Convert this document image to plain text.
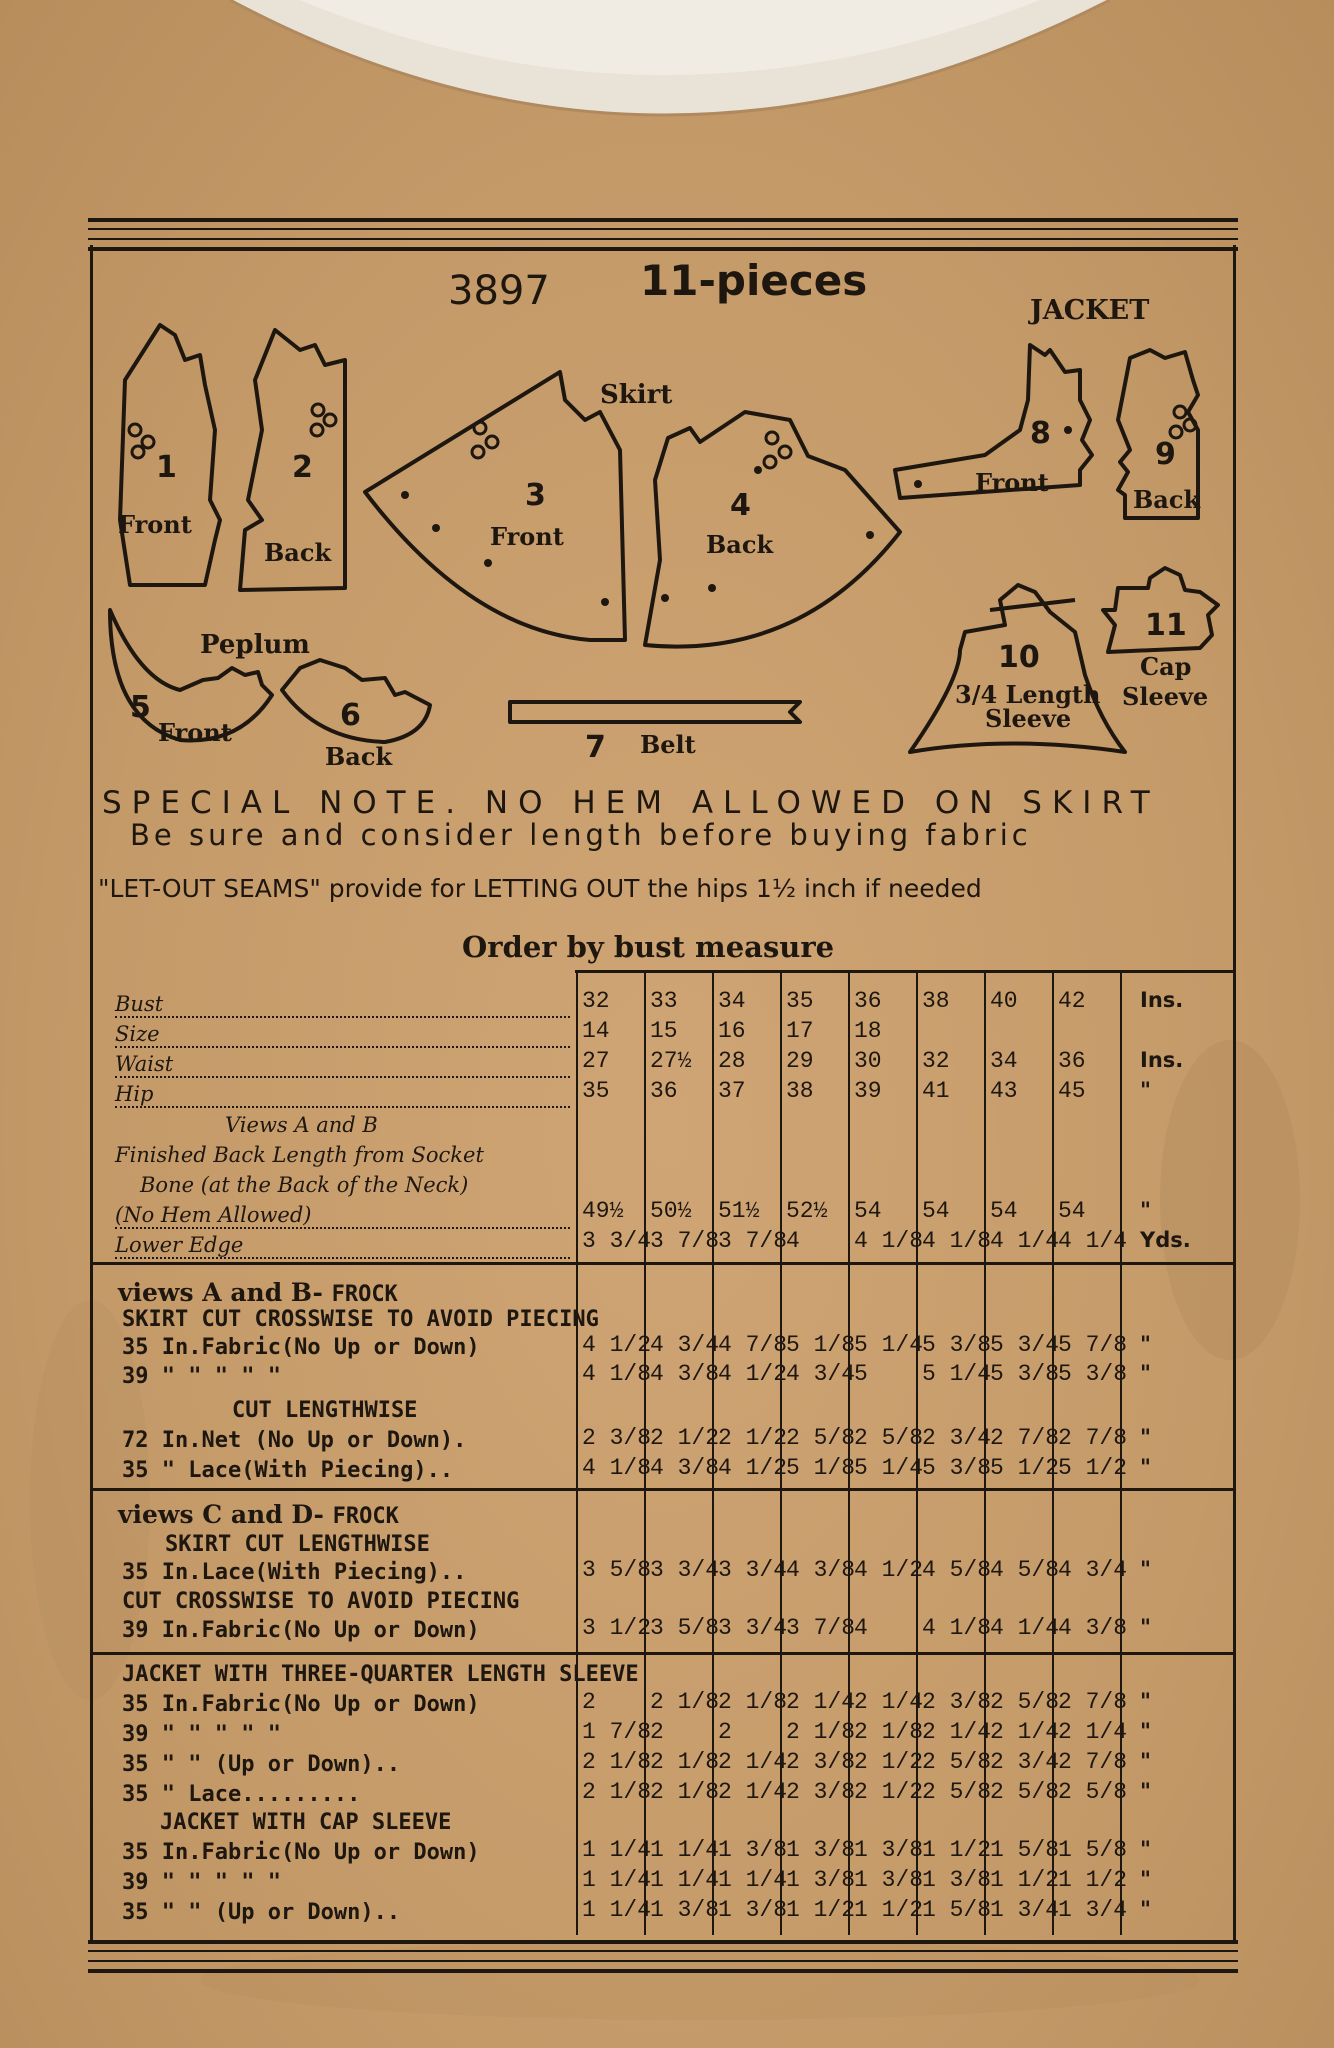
3897 11-pieces
JACKET
Skirt
1
Front
2
Back
3
Front
4
Back
Peplum
5
Front	6
Back	7 Belt
8
Front
9
Back
10
3/4 Length
Sleeve
11
Cap
Sleeve
SPECIAL NOTE. NO HEM ALLOWED ON SKIRT
Be sure and consider length before buying fabric
"LET-OUT SEAMS" provide for LETTING OUT the hips 1½ inch if needed
Order by bust measure
Bust
Size
Waist
Hip
Views A and B
Finished Back Length from Socket
Bone (at the Back of the Neck)
(No Hem Allowed)
Lower Edge
views A and B- FROCK
SKIRT CUT CROSSWISE TO AVOID PIECING
35 In.Fabric(No Up or Down)
39 " " " " "
CUT LENGTHWISE
72 In.Net (No Up or Down).
35 " Lace(With Piecing)..
views C and D- FROCK
SKIRT CUT LENGTHWISE
35 In.Lace(With Piecing)..
CUT CROSSWISE TO AVOID PIECING
39 In.Fabric(No Up or Down)
JACKET WITH THREE-QUARTER LENGTH SLEEVE
35 In.Fabric(No Up or Down)
39 " " " " "
35 " " (Up or Down)..
35 " Lace.........
JACKET WITH CAP SLEEVE
35 In.Fabric(No Up or Down)
39 " " " " "
35 " " (Up or Down)..
32 33 34 35 36 38 40 42	Ins.
14 15 16 17 18
27 27½ 28 29 30 32 34 36	Ins.
35 36 37 38 39 41 43 45	"
49½ 50½ 51½ 52½ 54 54 54 54	"
3 3/4
3 7/8
3 7/8
4 4 1/8
4 1/8
4 1/4
4 1/4 Yds.
4 1/2
4 3/4
4 7/8
5 1/8
5 1/4
5 3/8
5 3/4
5 7/8 "
4 1/8
4 3/8
4 1/2
4 3/4
5 5 1/4
5 3/8
5 3/8 "
2 3/8
2 1/2
2 1/2
2 5/8
2 5/8
2 3/4
2 7/8
2 7/8 "
4 1/8
4 3/8
4 1/2
5 1/8
5 1/4
5 3/8
5 1/2
5 1/2 "
3 5/8
3 3/4
3 3/4
4 3/8
4 1/2
4 5/8
4 5/8
4 3/4 "
3 1/2
3 5/8
3 3/4
3 7/8
4 4 1/8
4 1/4
4 3/8 "
2 2 1/8
2 1/8
2 1/4
2 1/4
2 3/8
2 5/8
2 7/8 "
1 7/8
2 2 2 1/8
2 1/8
2 1/4
2 1/4
2 1/4 "
2 1/8
2 1/8
2 1/4
2 3/8
2 1/2
2 5/8
2 3/4
2 7/8 "
2 1/8
2 1/8
2 1/4
2 3/8
2 1/2
2 5/8
2 5/8
2 5/8 "
1 1/4
1 1/4
1 3/8
1 3/8
1 3/8
1 1/2
1 5/8
1 5/8 "
1 1/4
1 1/4
1 1/4
1 3/8
1 3/8
1 3/8
1 1/2
1 1/2 "
1 1/4
1 3/8
1 3/8
1 1/2
1 1/2
1 5/8
1 3/4
1 3/4 "
